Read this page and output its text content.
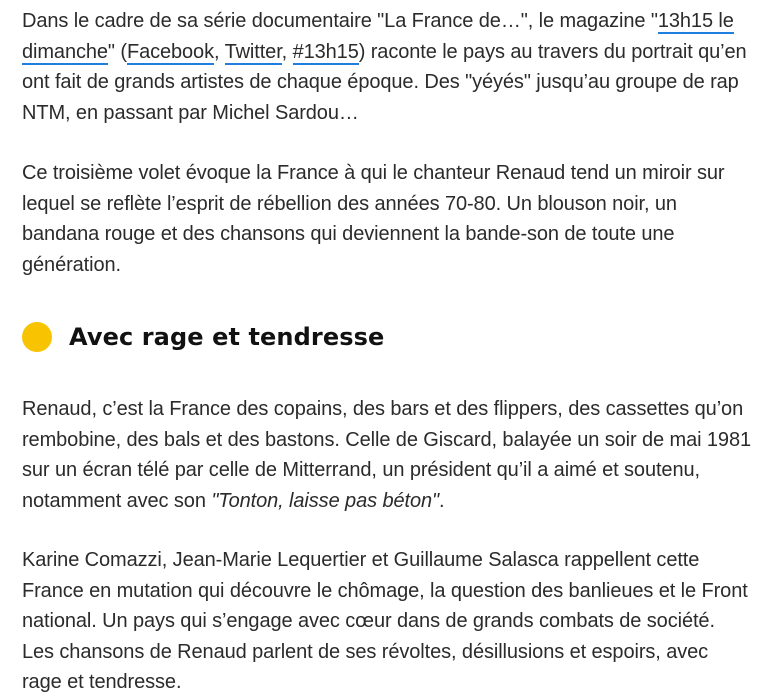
Dans le cadre de sa série documentaire "La France de…", le magazine "13h15 le dimanche" (Facebook, Twitter, #13h15) raconte le pays au travers du portrait qu’en ont fait de grands artistes de chaque époque. Des "yéyés" jusqu’au groupe de rap NTM, en passant par Michel Sardou…

Ce troisième volet évoque la France à qui le chanteur Renaud tend un miroir sur lequel se reflète l’esprit de rébellion des années 70-80. Un blouson noir, un bandana rouge et des chansons qui deviennent la bande-son de toute une génération.

Avec rage et tendresse

Renaud, c’est la France des copains, des bars et des flippers, des cassettes qu’on rembobine, des bals et des bastons. Celle de Giscard, balayée un soir de mai 1981 sur un écran télé par celle de Mitterrand, un président qu’il a aimé et soutenu, notamment avec son "Tonton, laisse pas béton".

Karine Comazzi, Jean-Marie Lequertier et Guillaume Salasca rappellent cette France en mutation qui découvre le chômage, la question des banlieues et le Front national. Un pays qui s’engage avec cœur dans de grands combats de société. Les chansons de Renaud parlent de ses révoltes, désillusions et espoirs, avec rage et tendresse.
